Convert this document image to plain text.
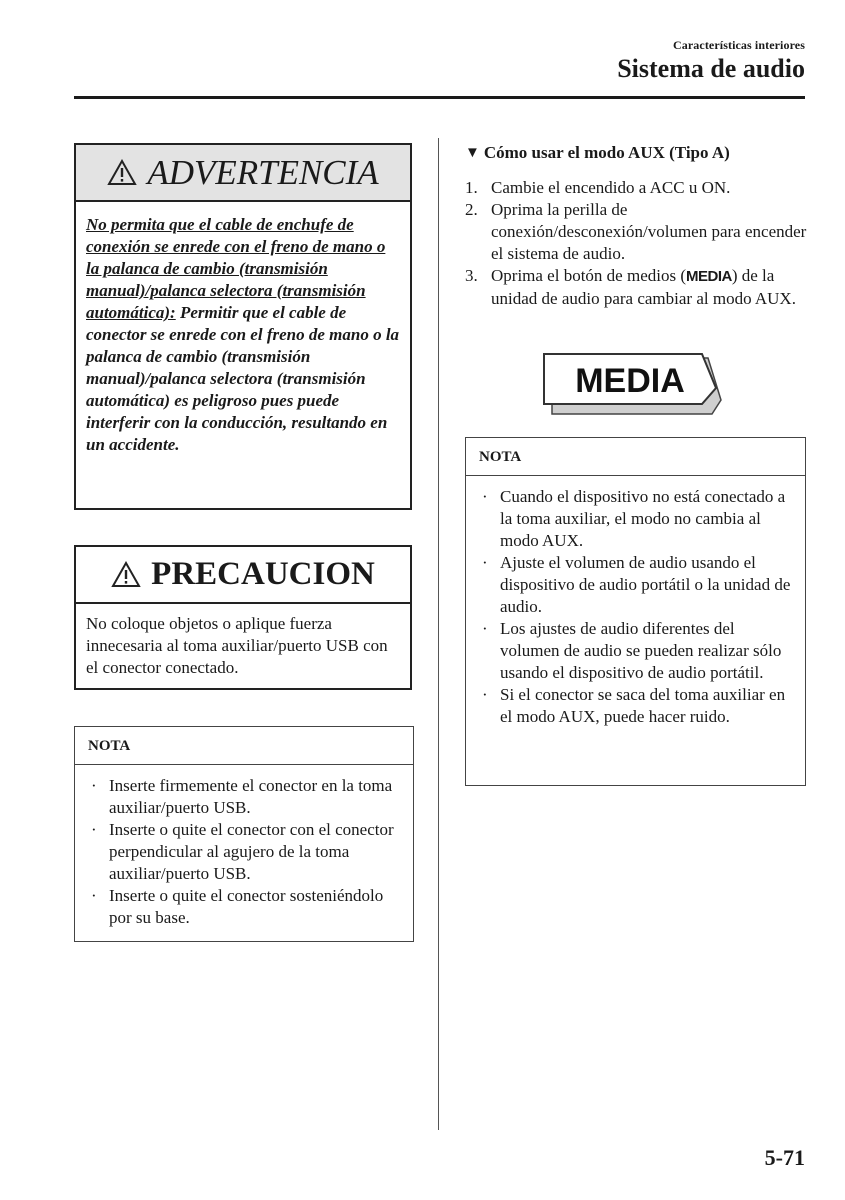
Características interiores
Sistema de audio
ADVERTENCIA
No permita que el cable de enchufe de conexión se enrede con el freno de mano o la palanca de cambio (transmisión manual)/palanca selectora (transmisión automática): Permitir que el cable de conector se enrede con el freno de mano o la palanca de cambio (transmisión manual)/palanca selectora (transmisión automática) es peligroso pues puede interferir con la conducción, resultando en un accidente.
PRECAUCION
No coloque objetos o aplique fuerza innecesaria al toma auxiliar/puerto USB con el conector conectado.
NOTA
· Inserte firmemente el conector en la toma auxiliar/puerto USB.
· Inserte o quite el conector con el conector perpendicular al agujero de la toma auxiliar/puerto USB.
· Inserte o quite el conector sosteniéndolo por su base.
▼ Cómo usar el modo AUX (Tipo A)
1. Cambie el encendido a ACC u ON.
2. Oprima la perilla de conexión/desconexión/volumen para encender el sistema de audio.
3. Oprima el botón de medios (MEDIA) de la unidad de audio para cambiar al modo AUX.
MEDIA
NOTA
· Cuando el dispositivo no está conectado a la toma auxiliar, el modo no cambia al modo AUX.
· Ajuste el volumen de audio usando el dispositivo de audio portátil o la unidad de audio.
· Los ajustes de audio diferentes del volumen de audio se pueden realizar sólo usando el dispositivo de audio portátil.
· Si el conector se saca del toma auxiliar en el modo AUX, puede hacer ruido.
5-71
